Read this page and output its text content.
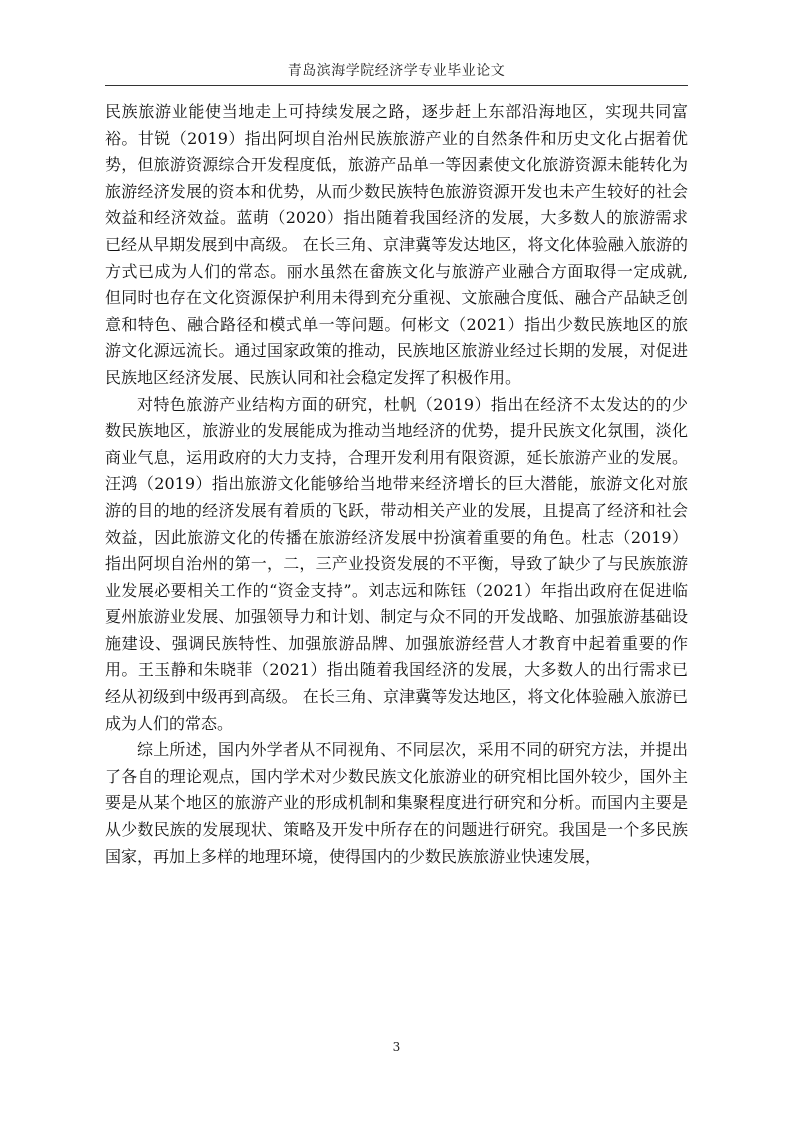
青岛滨海学院经济学专业毕业论文

民族旅游业能使当地走上可持续发展之路，逐步赶上东部沿海地区，实现共同富裕。甘锐（2019）指出阿坝自治州民族旅游产业的自然条件和历史文化占据着优势，但旅游资源综合开发程度低，旅游产品单一等因素使文化旅游资源未能转化为旅游经济发展的资本和优势，从而少数民族特色旅游资源开发也未产生较好的社会效益和经济效益。蓝萌（2020）指出随着我国经济的发展，大多数人的旅游需求已经从早期发展到中高级。 在长三角、京津冀等发达地区，将文化体验融入旅游的方式已成为人们的常态。丽水虽然在畲族文化与旅游产业融合方面取得一定成就, 但同时也存在文化资源保护利用未得到充分重视、文旅融合度低、融合产品缺乏创意和特色、融合路径和模式单一等问题。何彬文（2021）指出少数民族地区的旅游文化源远流长。通过国家政策的推动，民族地区旅游业经过长期的发展，对促进民族地区经济发展、民族认同和社会稳定发挥了积极作用。

对特色旅游产业结构方面的研究，杜帆（2019）指出在经济不太发达的的少数民族地区，旅游业的发展能成为推动当地经济的优势，提升民族文化氛围，淡化商业气息，运用政府的大力支持，合理开发利用有限资源，延长旅游产业的发展。汪鸿（2019）指出旅游文化能够给当地带来经济增长的巨大潜能，旅游文化对旅游的目的地的经济发展有着质的飞跃，带动相关产业的发展，且提高了经济和社会效益，因此旅游文化的传播在旅游经济发展中扮演着重要的角色。杜志（2019）指出阿坝自治州的第一，二，三产业投资发展的不平衡，导致了缺少了与民族旅游业发展必要相关工作的“资金支持”。刘志远和陈钰（2021）年指出政府在促进临夏州旅游业发展、加强领导力和计划、制定与众不同的开发战略、加强旅游基础设施建设、强调民族特性、加强旅游品牌、加强旅游经营人才教育中起着重要的作用。王玉静和朱晓菲（2021）指出随着我国经济的发展，大多数人的出行需求已经从初级到中级再到高级。 在长三角、京津冀等发达地区，将文化体验融入旅游已成为人们的常态。

综上所述，国内外学者从不同视角、不同层次，采用不同的研究方法，并提出了各自的理论观点，国内学术对少数民族文化旅游业的研究相比国外较少，国外主要是从某个地区的旅游产业的形成机制和集聚程度进行研究和分析。而国内主要是从少数民族的发展现状、策略及开发中所存在的问题进行研究。我国是一个多民族国家，再加上多样的地理环境，使得国内的少数民族旅游业快速发展，

3
